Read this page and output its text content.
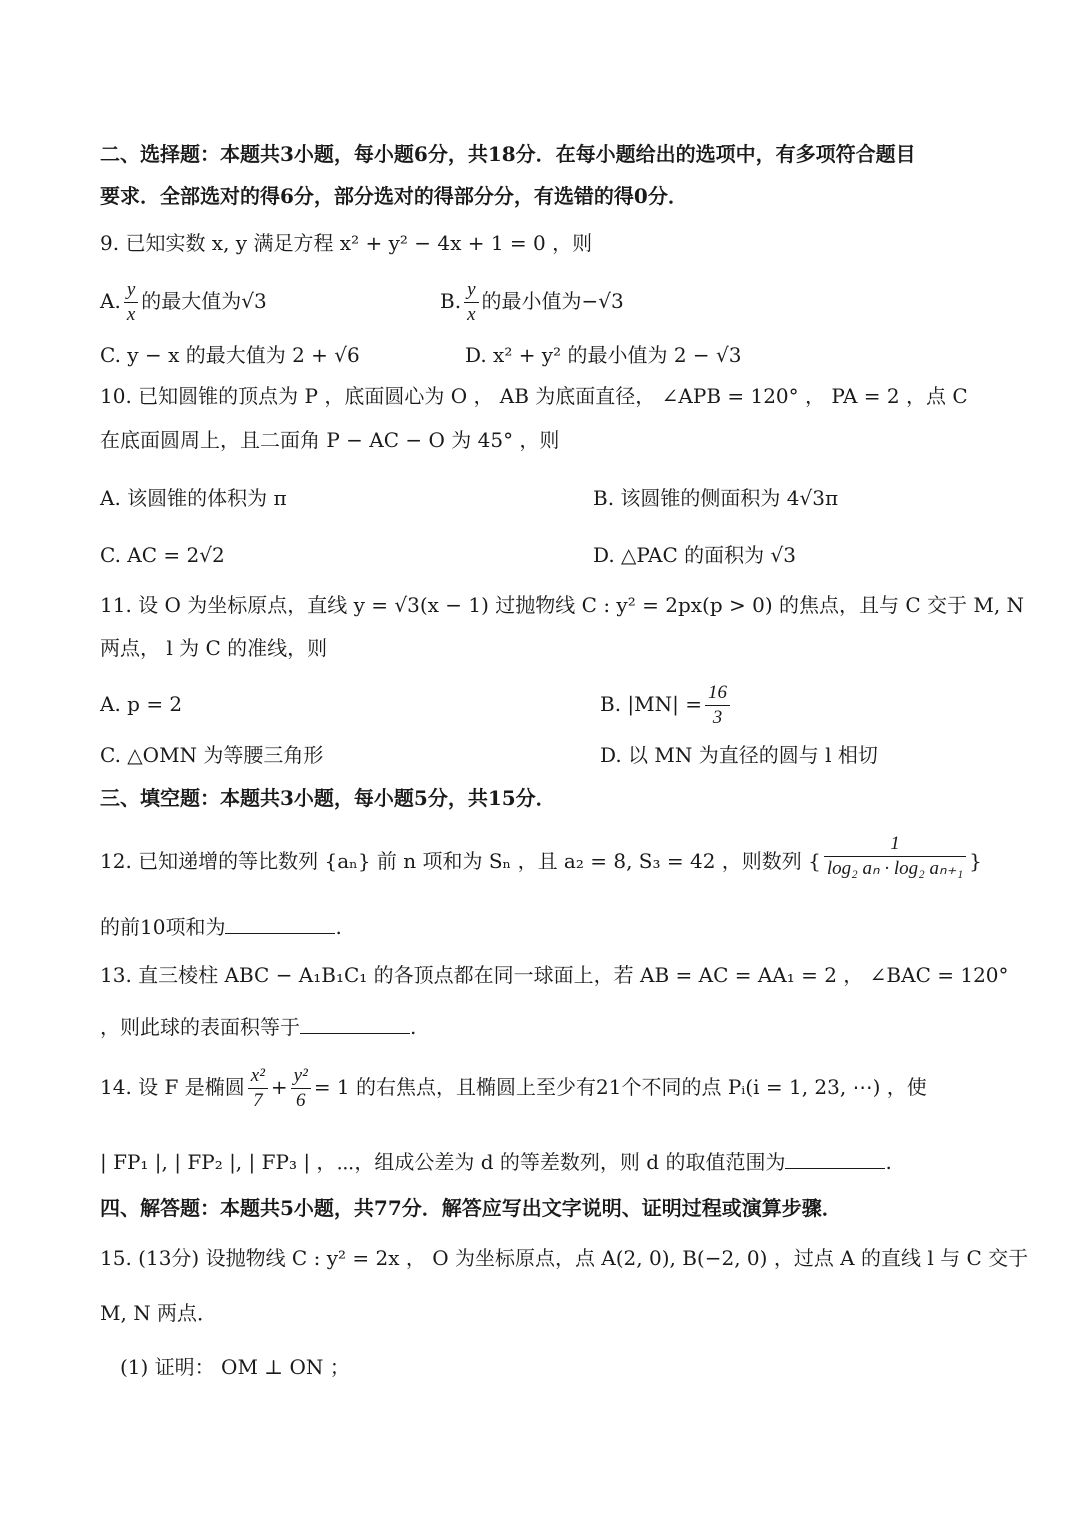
二、选择题：本题共3小题，每小题6分，共18分．在每小题给出的选项中，有多项符合题目
要求．全部选对的得6分，部分选对的得部分分，有选错的得0分．
9. 已知实数 x, y 满足方程 x² + y² − 4x + 1 = 0 ，则
A. $\frac{y}{x}$ 的最大值为√3	B. $\frac{y}{x}$ 的最小值为−√3
C. y − x 的最大值为 2 + √6	D. x² + y² 的最小值为 2 − √3
10. 已知圆锥的顶点为 P ，底面圆心为 O ， AB 为底面直径， ∠APB = 120° ， PA = 2 ，点 C
在底面圆周上，且二面角 P − AC − O 为 45° ，则
A. 该圆锥的体积为 π	B. 该圆锥的侧面积为 4√3π
C. AC = 2√2	D. △PAC 的面积为 √3
11. 设 O 为坐标原点，直线 y = √3(x − 1) 过抛物线 C : y² = 2px(p > 0) 的焦点，且与 C 交于 M, N
两点， l 为 C 的准线，则
A. p = 2	B. $|MN| = \frac{16}{3}$
C. △OMN 为等腰三角形	D. 以 MN 为直径的圆与 l 相切
三、填空题：本题共3小题，每小题5分，共15分．
12. 已知递增的等比数列 {aₙ} 前 n 项和为 Sₙ ，且 a₂ = 8, S₃ = 42 ，则数列 { $\frac{1}{\text{log₂ aₙ · log₂ aₙ₊₁}}$ }
的前10项和为	.
13. 直三棱柱 ABC − A₁B₁C₁ 的各顶点都在同一球面上，若 AB = AC = AA₁ = 2 ， ∠BAC = 120°
，则此球的表面积等于	.
14. 设 F 是椭圆 $\frac{\text{x²}}{7} + \frac{\text{y²}}{6} = 1$ 的右焦点，且椭圆上至少有21个不同的点 Pᵢ(i = 1, 23, ⋯) ，使
| FP₁ |, | FP₂ |, | FP₃ | ，⋯，组成公差为 d 的等差数列，则 d 的取值范围为	.
四、解答题：本题共5小题，共77分．解答应写出文字说明、证明过程或演算步骤．
15. (13分) 设抛物线 C : y² = 2x ， O 为坐标原点，点 A(2, 0), B(−2, 0) ，过点 A 的直线 l 与 C 交于
M, N 两点．
(1) 证明： OM ⊥ ON ；
